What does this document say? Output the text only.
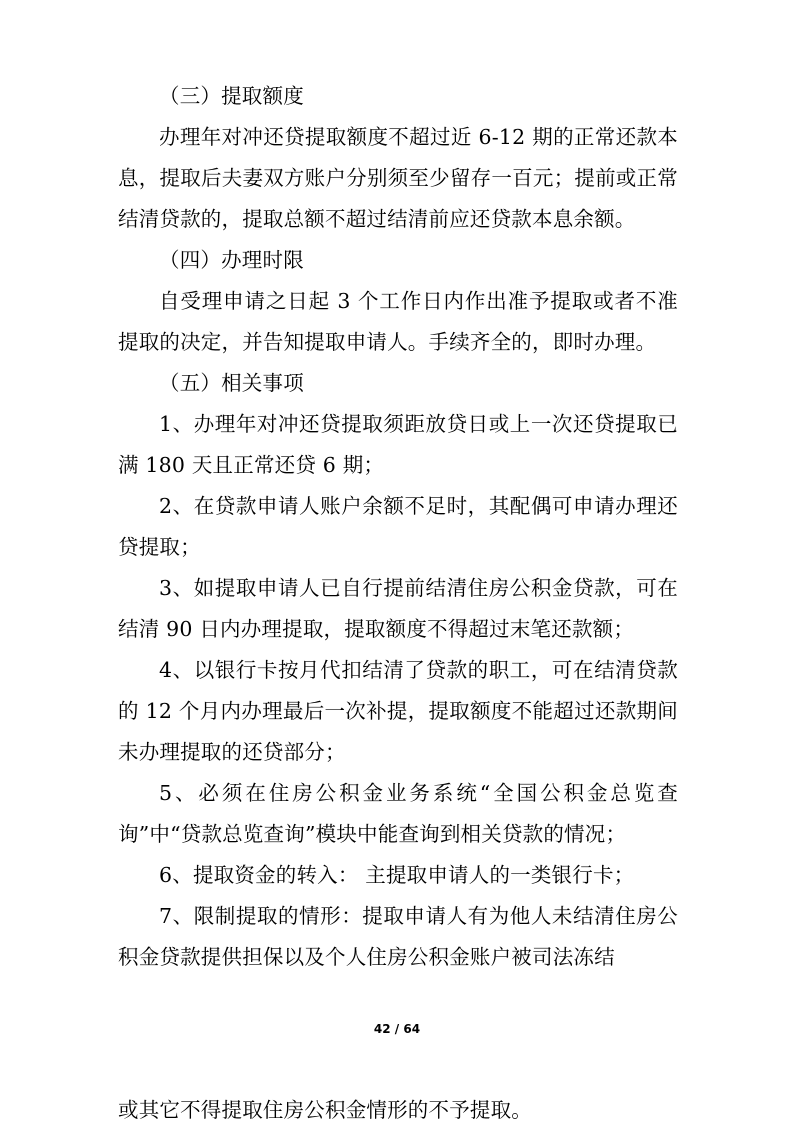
（三）提取额度

办理年对冲还贷提取额度不超过近 6-12 期的正常还款本息，提取后夫妻双方账户分别须至少留存一百元；提前或正常结清贷款的，提取总额不超过结清前应还贷款本息余额。

（四）办理时限

自受理申请之日起 3 个工作日内作出准予提取或者不准提取的决定，并告知提取申请人。手续齐全的，即时办理。

（五）相关事项

1、办理年对冲还贷提取须距放贷日或上一次还贷提取已满 180 天且正常还贷 6 期；

2、在贷款申请人账户余额不足时，其配偶可申请办理还贷提取；

3、如提取申请人已自行提前结清住房公积金贷款，可在结清 90 日内办理提取，提取额度不得超过末笔还款额；

4、以银行卡按月代扣结清了贷款的职工，可在结清贷款的 12 个月内办理最后一次补提，提取额度不能超过还款期间未办理提取的还贷部分；

5、必须在住房公积金业务系统“全国公积金总览查询”中“贷款总览查询”模块中能查询到相关贷款的情况；

6、提取资金的转入： 主提取申请人的一类银行卡；

7、限制提取的情形：提取申请人有为他人未结清住房公积金贷款提供担保以及个人住房公积金账户被司法冻结

42 / 64
或其它不得提取住房公积金情形的不予提取。
